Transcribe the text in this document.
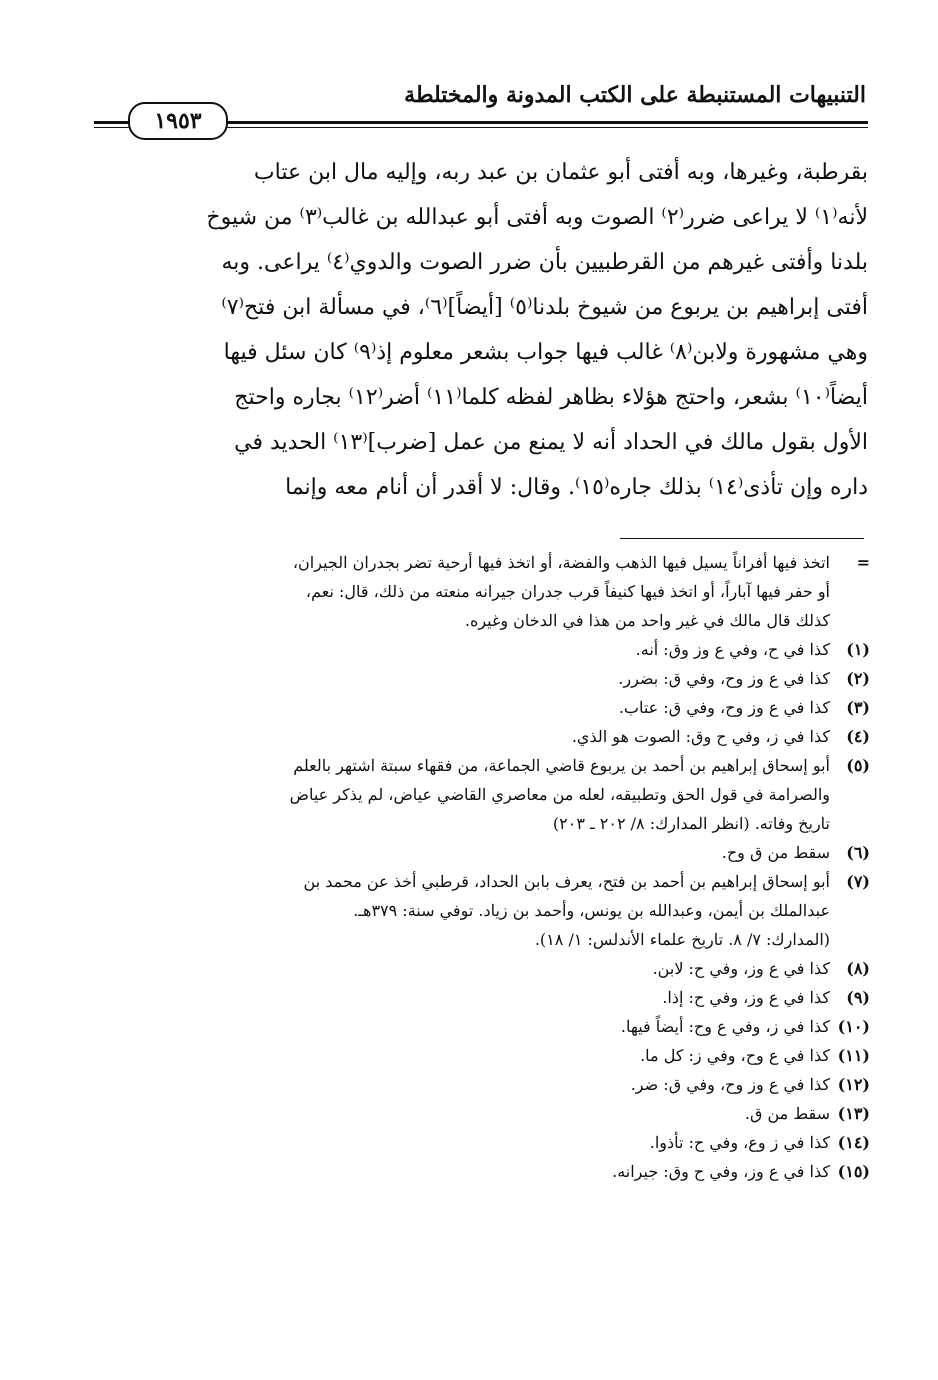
التنبيهات المستنبطة على الكتب المدونة والمختلطة
١٩٥٣
بقرطبة، وغيرها، وبه أفتى أبو عثمان بن عبد ربه، وإليه مال ابن عتاب
لأنه⁽١⁾ لا يراعى ضرر⁽٢⁾ الصوت وبه أفتى أبو عبدالله بن غالب⁽٣⁾ من شيوخ
بلدنا وأفتى غيرهم من القرطبيين بأن ضرر الصوت والدوي⁽٤⁾ يراعى. وبه
أفتى إبراهيم بن يربوع من شيوخ بلدنا⁽٥⁾ [أيضاً]⁽٦⁾، في مسألة ابن فتح⁽٧⁾
وهي مشهورة ولابن⁽٨⁾ غالب فيها جواب بشعر معلوم إذ⁽٩⁾ كان سئل فيها
أيضاً⁽١٠⁾ بشعر، واحتج هؤلاء بظاهر لفظه كلما⁽١١⁾ أضر⁽١٢⁾ بجاره واحتج
الأول بقول مالك في الحداد أنه لا يمنع من عمل [ضرب]⁽١٣⁾ الحديد في
داره وإن تأذى⁽١٤⁾ بذلك جاره⁽١٥⁾. وقال: لا أقدر أن أنام معه وإنما
=
اتخذ فيها أفراناً يسيل فيها الذهب والفضة، أو اتخذ فيها أرحية تضر بجدران الجيران،
أو حفر فيها آباراً، أو اتخذ فيها كنيفاً قرب جدران جيرانه منعته من ذلك، قال: نعم،
كذلك قال مالك في غير واحد من هذا في الدخان وغيره.
(١)
كذا في ح، وفي ع وز وق: أنه.
(٢)
كذا في ع وز وح، وفي ق: بضرر.
(٣)
كذا في ع وز وح، وفي ق: عتاب.
(٤)
كذا في ز، وفي ح وق: الصوت هو الذي.
(٥)
أبو إسحاق إبراهيم بن أحمد بن يربوع قاضي الجماعة، من فقهاء سبتة اشتهر بالعلم
والصرامة في قول الحق وتطبيقه، لعله من معاصري القاضي عياض، لم يذكر عياض
تاريخ وفاته. (انظر المدارك: ٨/ ٢٠٢ ـ ٢٠٣)
(٦)
سقط من ق وح.
(٧)
أبو إسحاق إبراهيم بن أحمد بن فتح، يعرف بابن الحداد، قرطبي أخذ عن محمد بن
عبدالملك بن أيمن، وعبدالله بن يونس، وأحمد بن زياد. توفي سنة: ٣٧٩هـ.
(المدارك: ٧/ ٨. تاريخ علماء الأندلس: ١/ ١٨).
(٨)
كذا في ع وز، وفي ح: لابن.
(٩)
كذا في ع وز، وفي ح: إذا.
(١٠)
كذا في ز، وفي ع وح: أيضاً فيها.
(١١)
كذا في ع وح، وفي ز: كل ما.
(١٢)
كذا في ع وز وح، وفي ق: ضر.
(١٣)
سقط من ق.
(١٤)
كذا في ز وع، وفي ح: تأذوا.
(١٥)
كذا في ع وز، وفي ح وق: جيرانه.
